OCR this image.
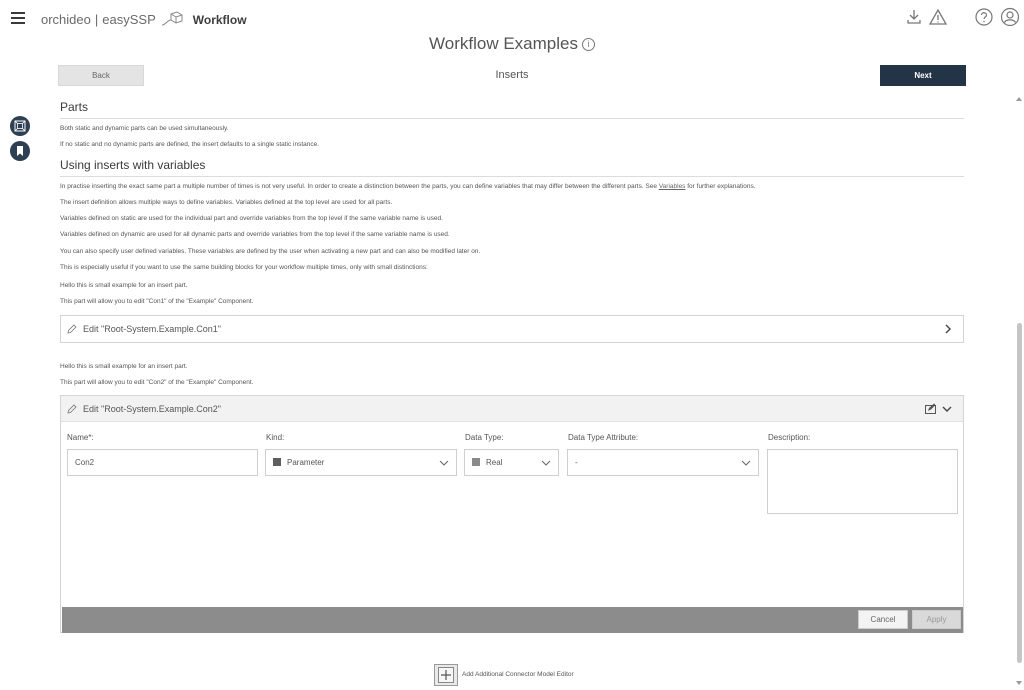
orchideo | easySSP	Workflow
Workflow Examples i
Back	Inserts	Next
Parts
Both static and dynamic parts can be used simultaneously.
If no static and no dynamic parts are defined, the insert defaults to a single static instance.
Using inserts with variables
In practise inserting the exact same part a multiple number of times is not very useful. In order to create a distinction between the parts, you can define variables that may differ between the different parts. See Variables for further explanations.
The insert definition allows multiple ways to define variables. Variables defined at the top level are used for all parts.
Variables defined on static are used for the individual part and override variables from the top level if the same variable name is used.
Variables defined on dynamic are used for all dynamic parts and override variables from the top level if the same variable name is used.
You can also specify user defined variables. These variables are defined by the user when activating a new part and can also be modified later on.
This is especially useful if you want to use the same building blocks for your workflow multiple times, only with small distinctions:
Hello this is small example for an insert part.
This part will allow you to edit "Con1" of the "Example" Component.
Edit "Root-System.Example.Con1"
Hello this is small example for an insert part.
This part will allow you to edit "Con2" of the "Example" Component.
Edit "Root-System.Example.Con2"
Name*:
Con2
Kind:
Parameter
Data Type:
Real
Data Type Attribute:
-
Description:
Cancel	Apply
Add Additional Connector Model Editor
